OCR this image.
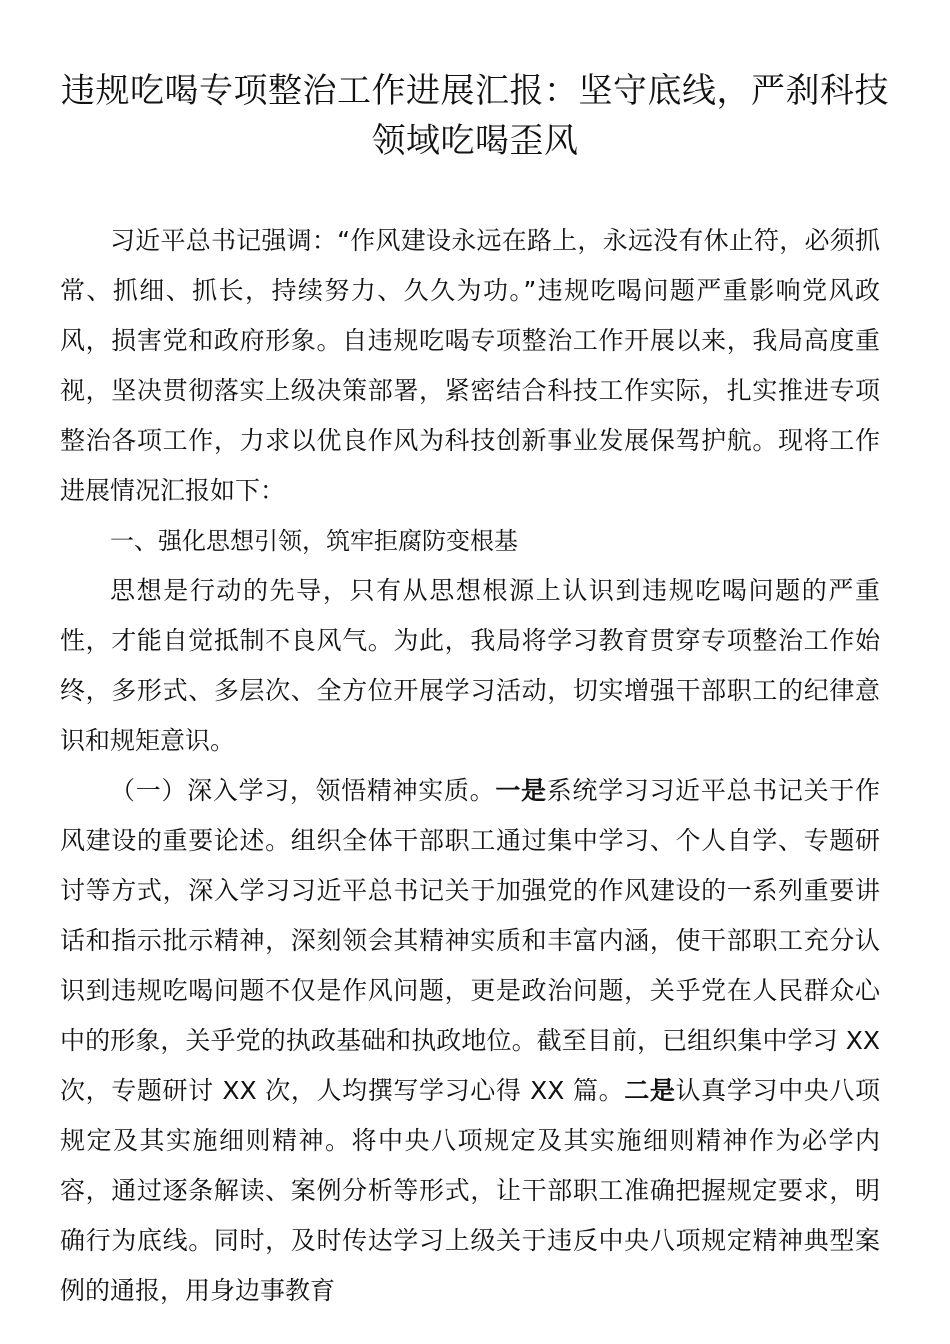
违规吃喝专项整治工作进展汇报：坚守底线，严刹科技领域吃喝歪风

习近平总书记强调：“作风建设永远在路上，永远没有休止符，必须抓常、抓细、抓长，持续努力、久久为功。”违规吃喝问题严重影响党风政风，损害党和政府形象。自违规吃喝专项整治工作开展以来，我局高度重视，坚决贯彻落实上级决策部署，紧密结合科技工作实际，扎实推进专项整治各项工作，力求以优良作风为科技创新事业发展保驾护航。现将工作进展情况汇报如下：

一、强化思想引领，筑牢拒腐防变根基

思想是行动的先导，只有从思想根源上认识到违规吃喝问题的严重性，才能自觉抵制不良风气。为此，我局将学习教育贯穿专项整治工作始终，多形式、多层次、全方位开展学习活动，切实增强干部职工的纪律意识和规矩意识。

（一）深入学习，领悟精神实质。一是系统学习习近平总书记关于作风建设的重要论述。组织全体干部职工通过集中学习、个人自学、专题研讨等方式，深入学习习近平总书记关于加强党的作风建设的一系列重要讲话和指示批示精神，深刻领会其精神实质和丰富内涵，使干部职工充分认识到违规吃喝问题不仅是作风问题，更是政治问题，关乎党在人民群众心中的形象，关乎党的执政基础和执政地位。截至目前，已组织集中学习 XX 次，专题研讨 XX 次，人均撰写学习心得 XX 篇。二是认真学习中央八项规定及其实施细则精神。将中央八项规定及其实施细则精神作为必学内容，通过逐条解读、案例分析等形式，让干部职工准确把握规定要求，明确行为底线。同时，及时传达学习上级关于违反中央八项规定精神典型案例的通报，用身边事教育
